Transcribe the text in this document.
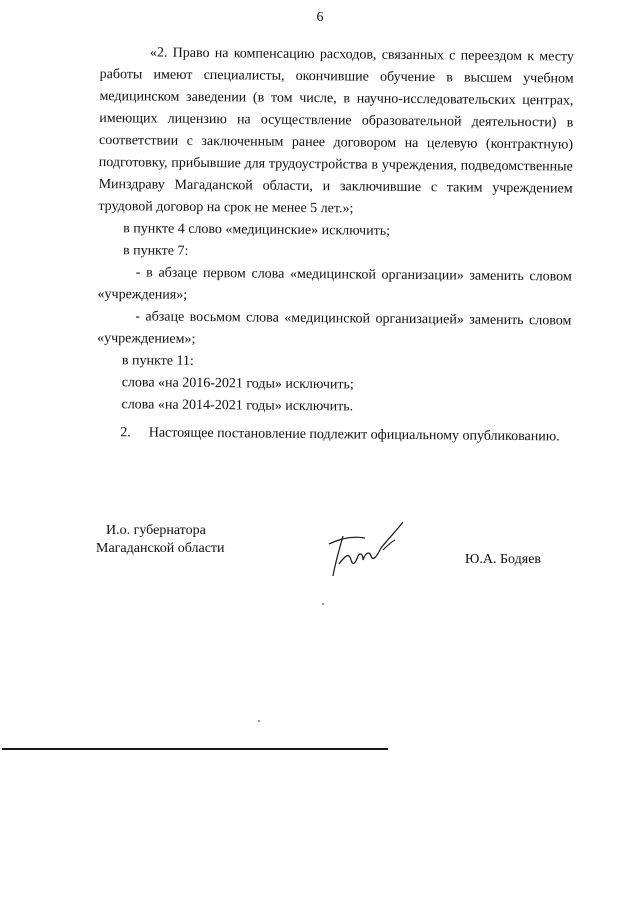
6

«2. Право на компенсацию расходов, связанных с переездом к месту работы имеют специалисты, окончившие обучение в высшем учебном медицинском заведении (в том числе, в научно-исследовательских центрах, имеющих лицензию на осуществление образовательной деятельности) в соответствии с заключенным ранее договором на целевую (контрактную) подготовку, прибывшие для трудоустройства в учреждения, подведомственные Минздраву Магаданской области, и заключившие с таким учреждением трудовой договор на срок не менее 5 лет.»;

в пункте 4 слово «медицинские» исключить;

в пункте 7:

- в абзаце первом слова «медицинской организации» заменить словом «учреждения»;

- абзаце восьмом слова «медицинской организацией» заменить словом «учреждением»;

в пункте 11:

слова «на 2016-2021 годы» исключить;

слова «на 2014-2021 годы» исключить.

2. Настоящее постановление подлежит официальному опубликованию.

И.о. губернатора
Магаданской области
Ю.А. Бодяев
